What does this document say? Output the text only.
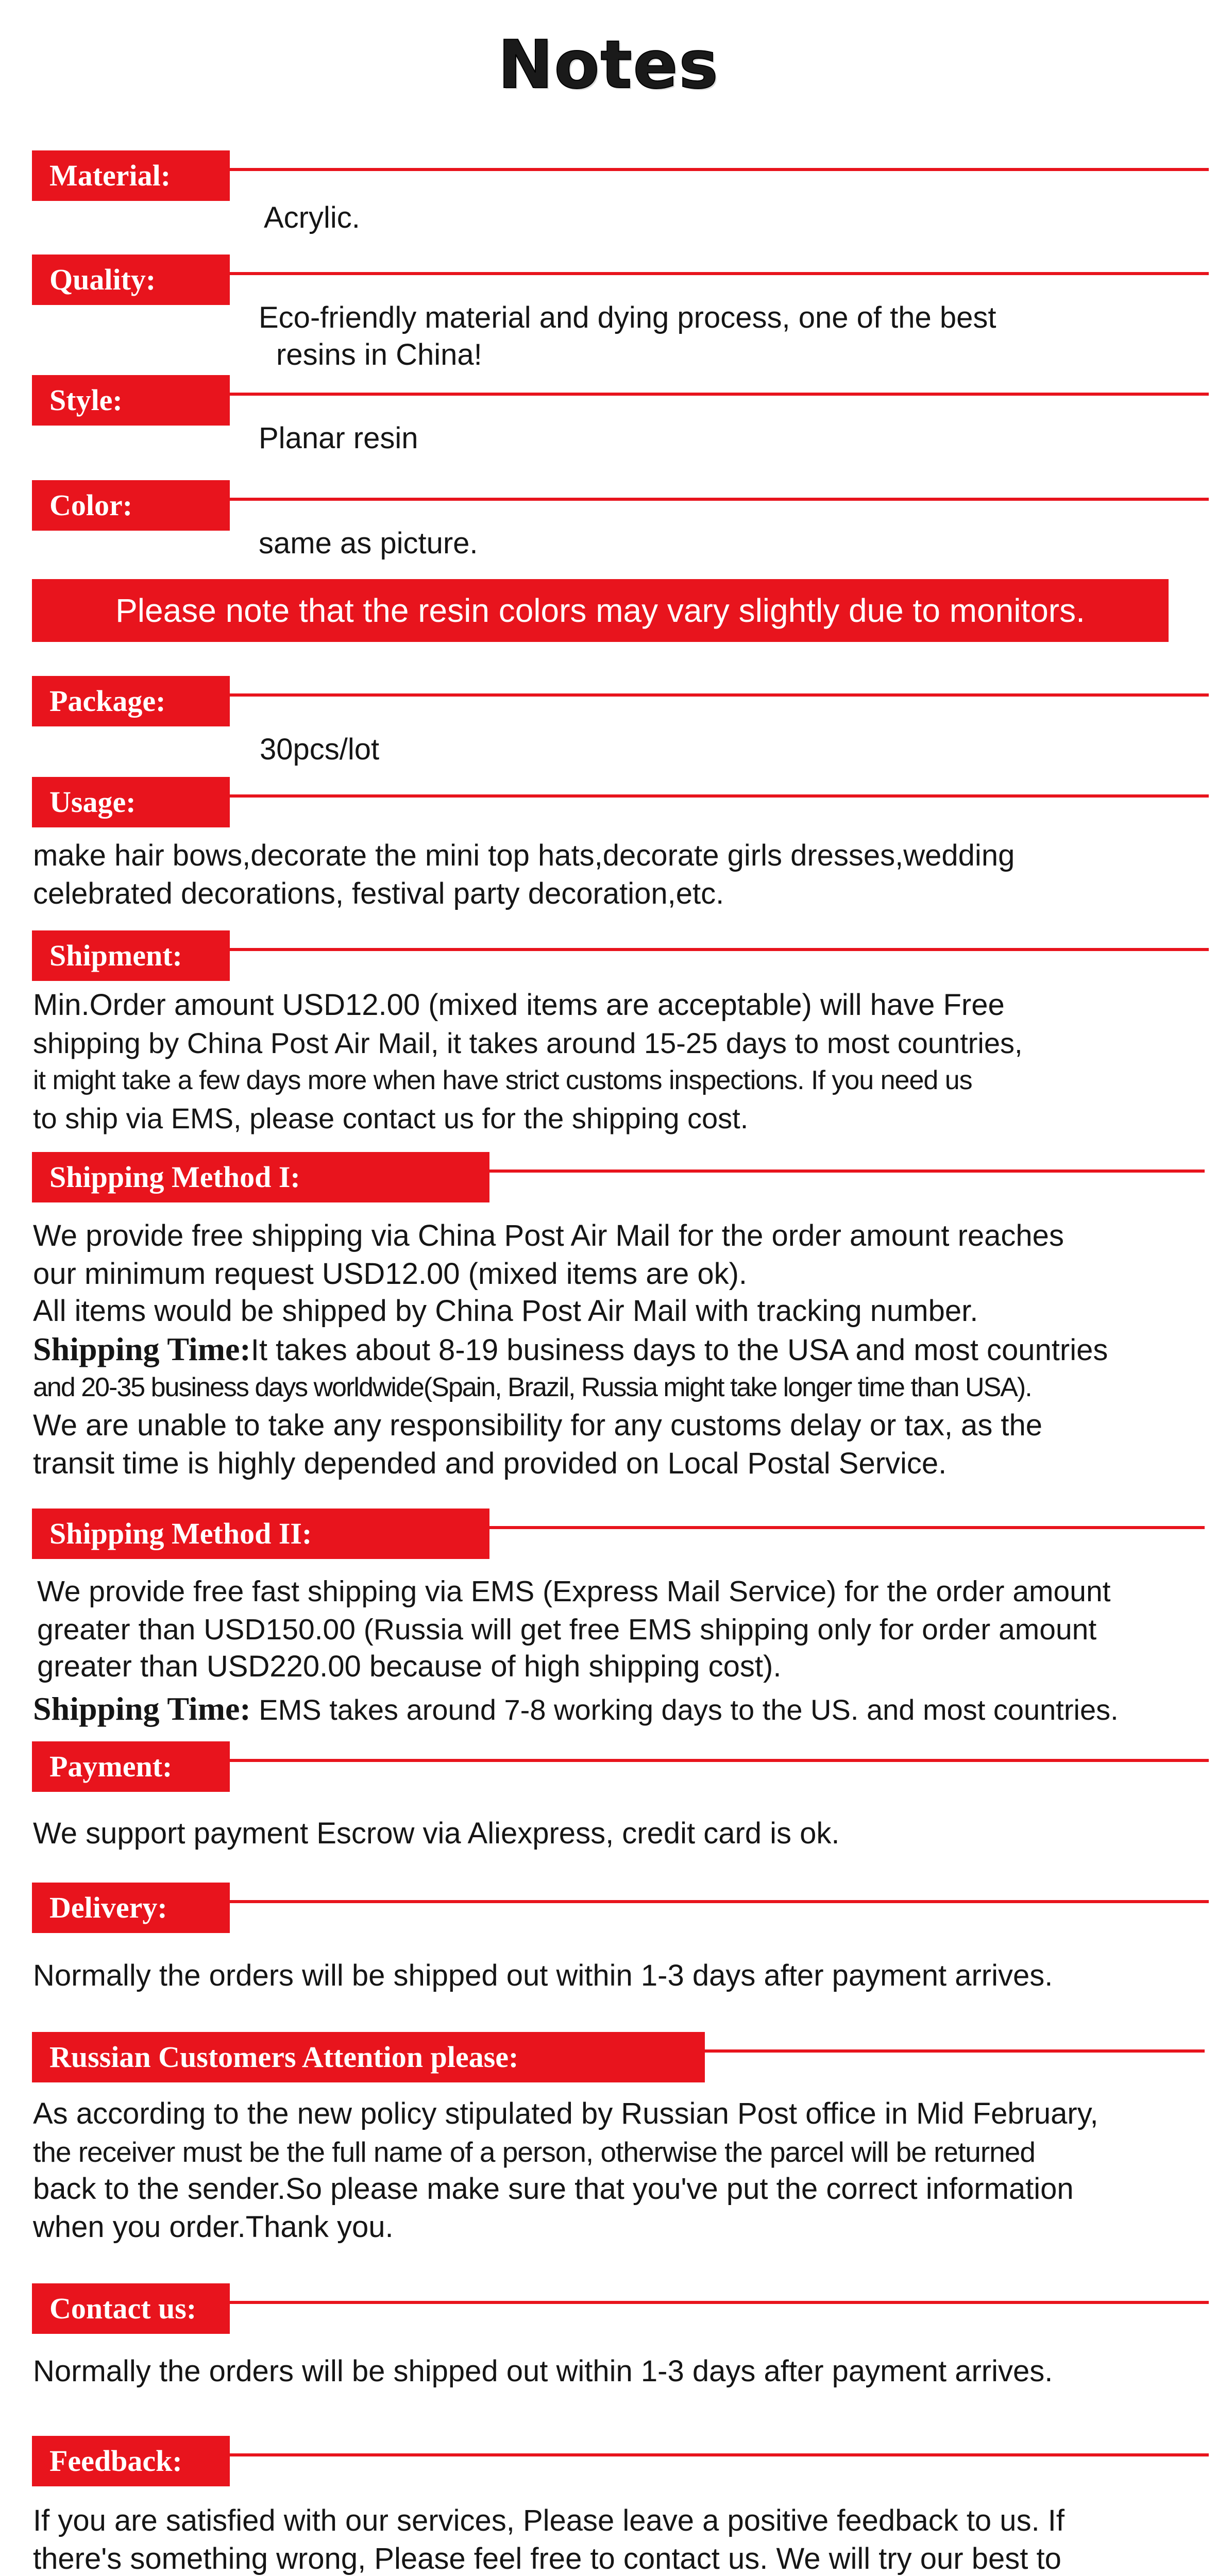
Notes
Material:
Acrylic.
Quality:
Eco-friendly material and dying process, one of the best
resins in China!
Style:
Planar resin
Color:
same as picture.
Please note that the resin colors may vary slightly due to monitors.
Package:
30pcs/lot
Usage:
make hair bows,decorate the mini top hats,decorate girls dresses,wedding
celebrated decorations, festival party decoration,etc.
Shipment:
Min.Order amount USD12.00 (mixed items are acceptable) will have Free
shipping by China Post Air Mail, it takes around 15-25 days to most countries,
it might take a few days more when have strict customs inspections. If you need us
to ship via EMS, please contact us for the shipping cost.
Shipping Method I:
We provide free shipping via China Post Air Mail for the order amount reaches
our minimum request USD12.00 (mixed items are ok).
All items would be shipped by China Post Air Mail with tracking number.
Shipping Time:It takes about 8-19 business days to the USA and most countries
and 20-35 business days worldwide(Spain, Brazil, Russia might take longer time than USA).
We are unable to take any responsibility for any customs delay or tax, as the
transit time is highly depended and provided on Local Postal Service.
Shipping Method II:
We provide free fast shipping via EMS (Express Mail Service) for the order amount
greater than USD150.00 (Russia will get free EMS shipping only for order amount
greater than USD220.00 because of high shipping cost).
Shipping Time: EMS takes around 7-8 working days to the US. and most countries.
Payment:
We support payment Escrow via Aliexpress, credit card is ok.
Delivery:
Normally the orders will be shipped out within 1-3 days after payment arrives.
Russian Customers Attention please:
As according to the new policy stipulated by Russian Post office in Mid February,
the receiver must be the full name of a person, otherwise the parcel will be returned
back to the sender.So please make sure that you've put the correct information
when you order.Thank you.
Contact us:
Normally the orders will be shipped out within 1-3 days after payment arrives.
Feedback:
If you are satisfied with our services, Please leave a positive feedback to us. If
there's something wrong, Please feel free to contact us. We will try our best to
